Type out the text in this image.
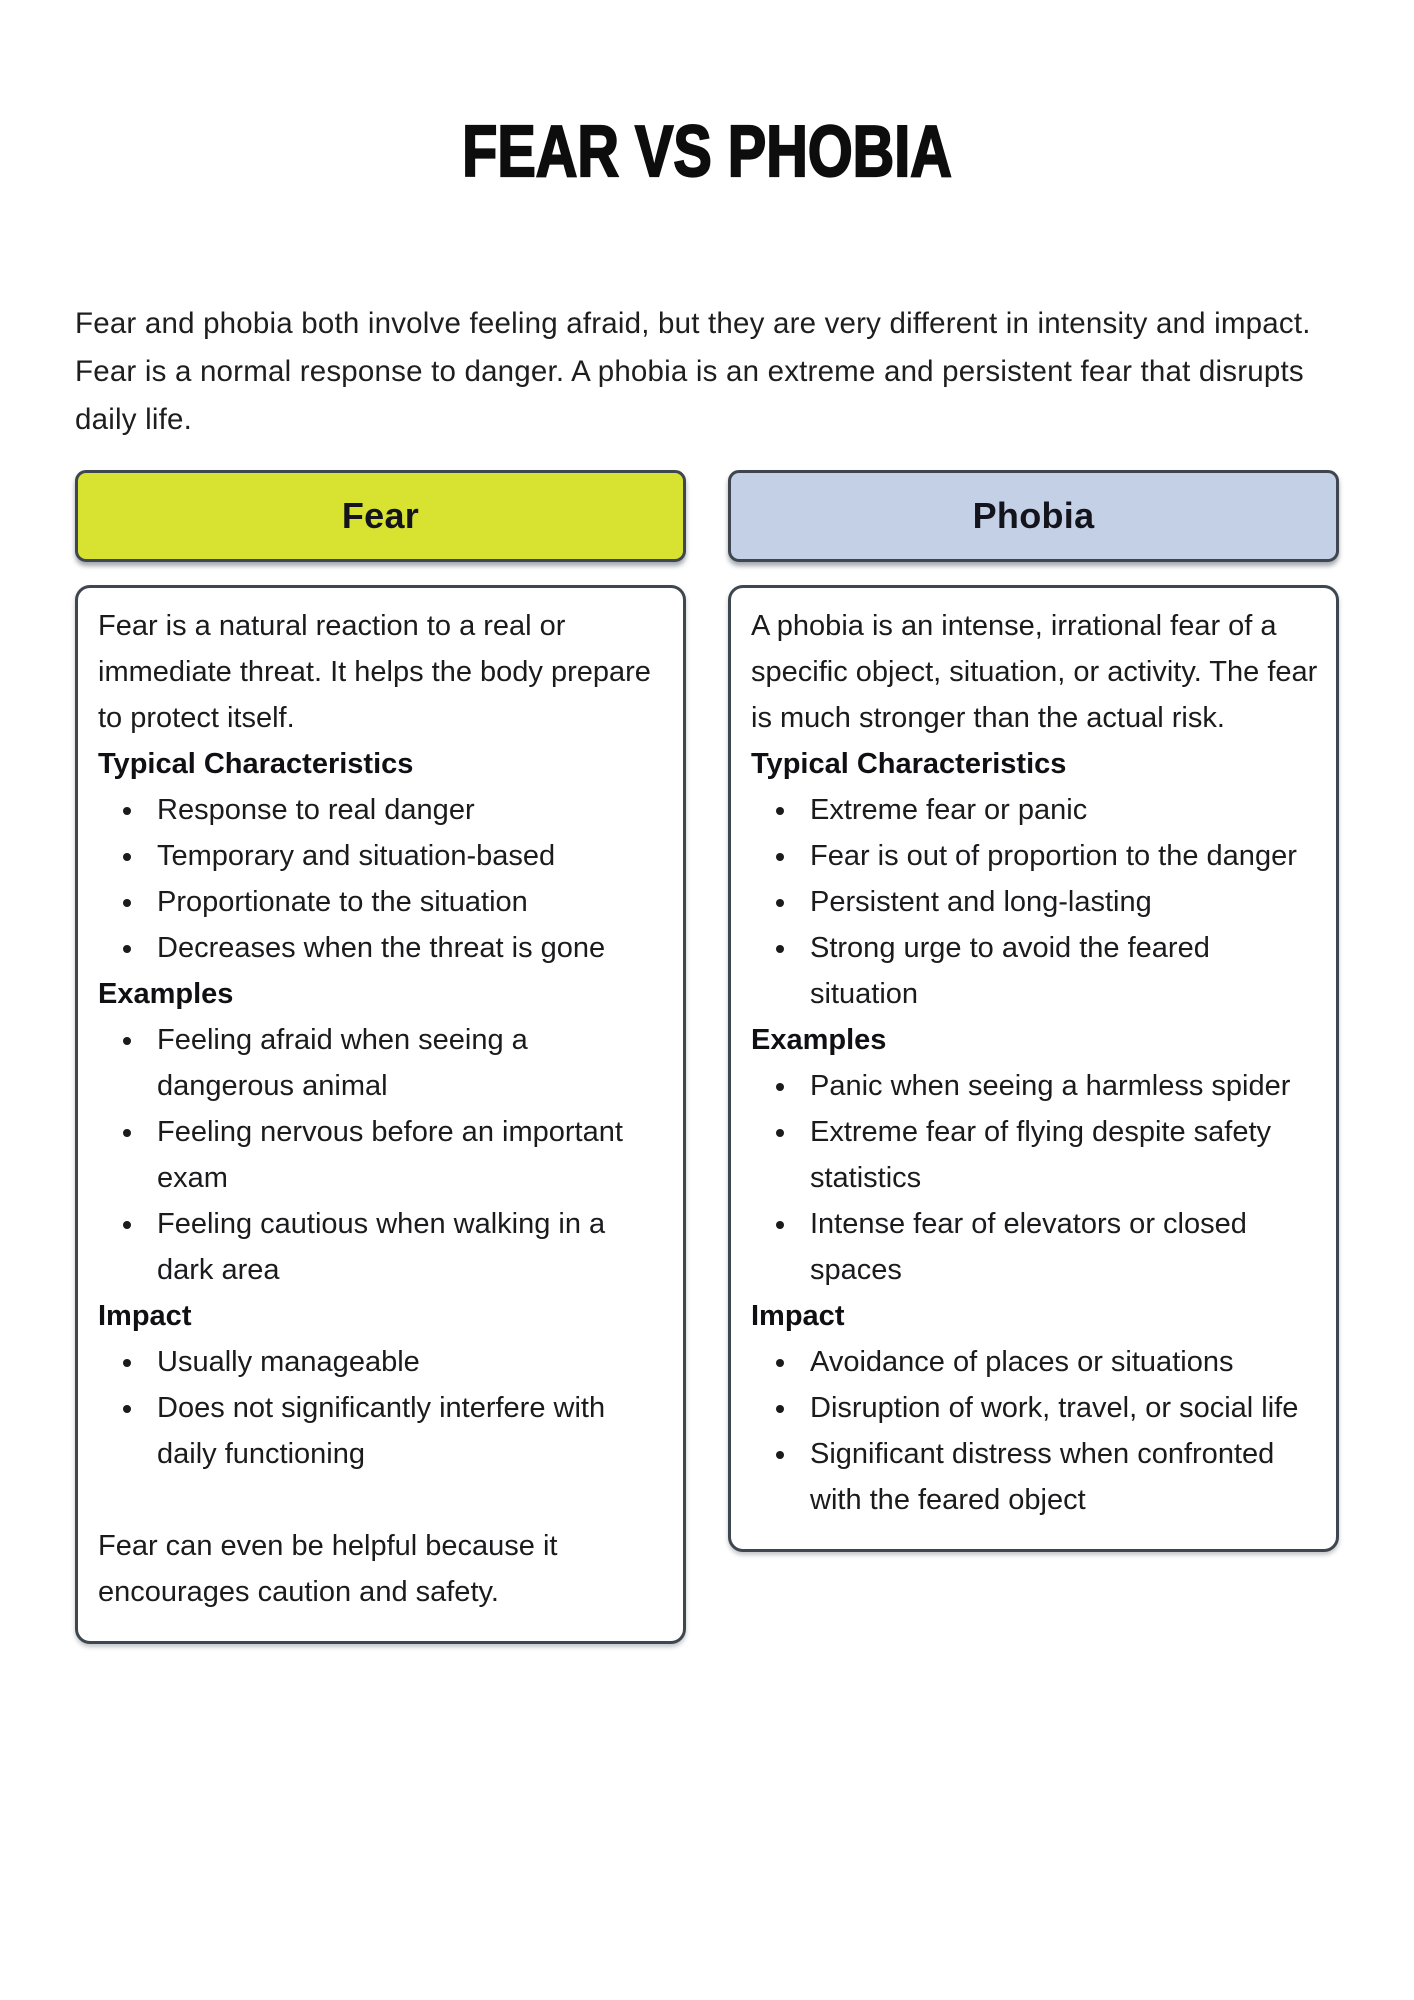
FEAR VS PHOBIA

Fear and phobia both involve feeling afraid, but they are very different in intensity and impact. Fear is a normal response to danger. A phobia is an extreme and persistent fear that disrupts daily life.

Fear

Fear is a natural reaction to a real or immediate threat. It helps the body prepare to protect itself.

Typical Characteristics

• Response to real danger
• Temporary and situation-based
• Proportionate to the situation
• Decreases when the threat is gone

Examples

• Feeling afraid when seeing a dangerous animal
• Feeling nervous before an important exam
• Feeling cautious when walking in a dark area

Impact

• Usually manageable
• Does not significantly interfere with daily functioning

Fear can even be helpful because it encourages caution and safety.

Phobia

A phobia is an intense, irrational fear of a specific object, situation, or activity. The fear is much stronger than the actual risk.

Typical Characteristics

• Extreme fear or panic
• Fear is out of proportion to the danger
• Persistent and long-lasting
• Strong urge to avoid the feared situation

Examples

• Panic when seeing a harmless spider
• Extreme fear of flying despite safety statistics
• Intense fear of elevators or closed spaces

Impact

• Avoidance of places or situations
• Disruption of work, travel, or social life
• Significant distress when confronted with the feared object
